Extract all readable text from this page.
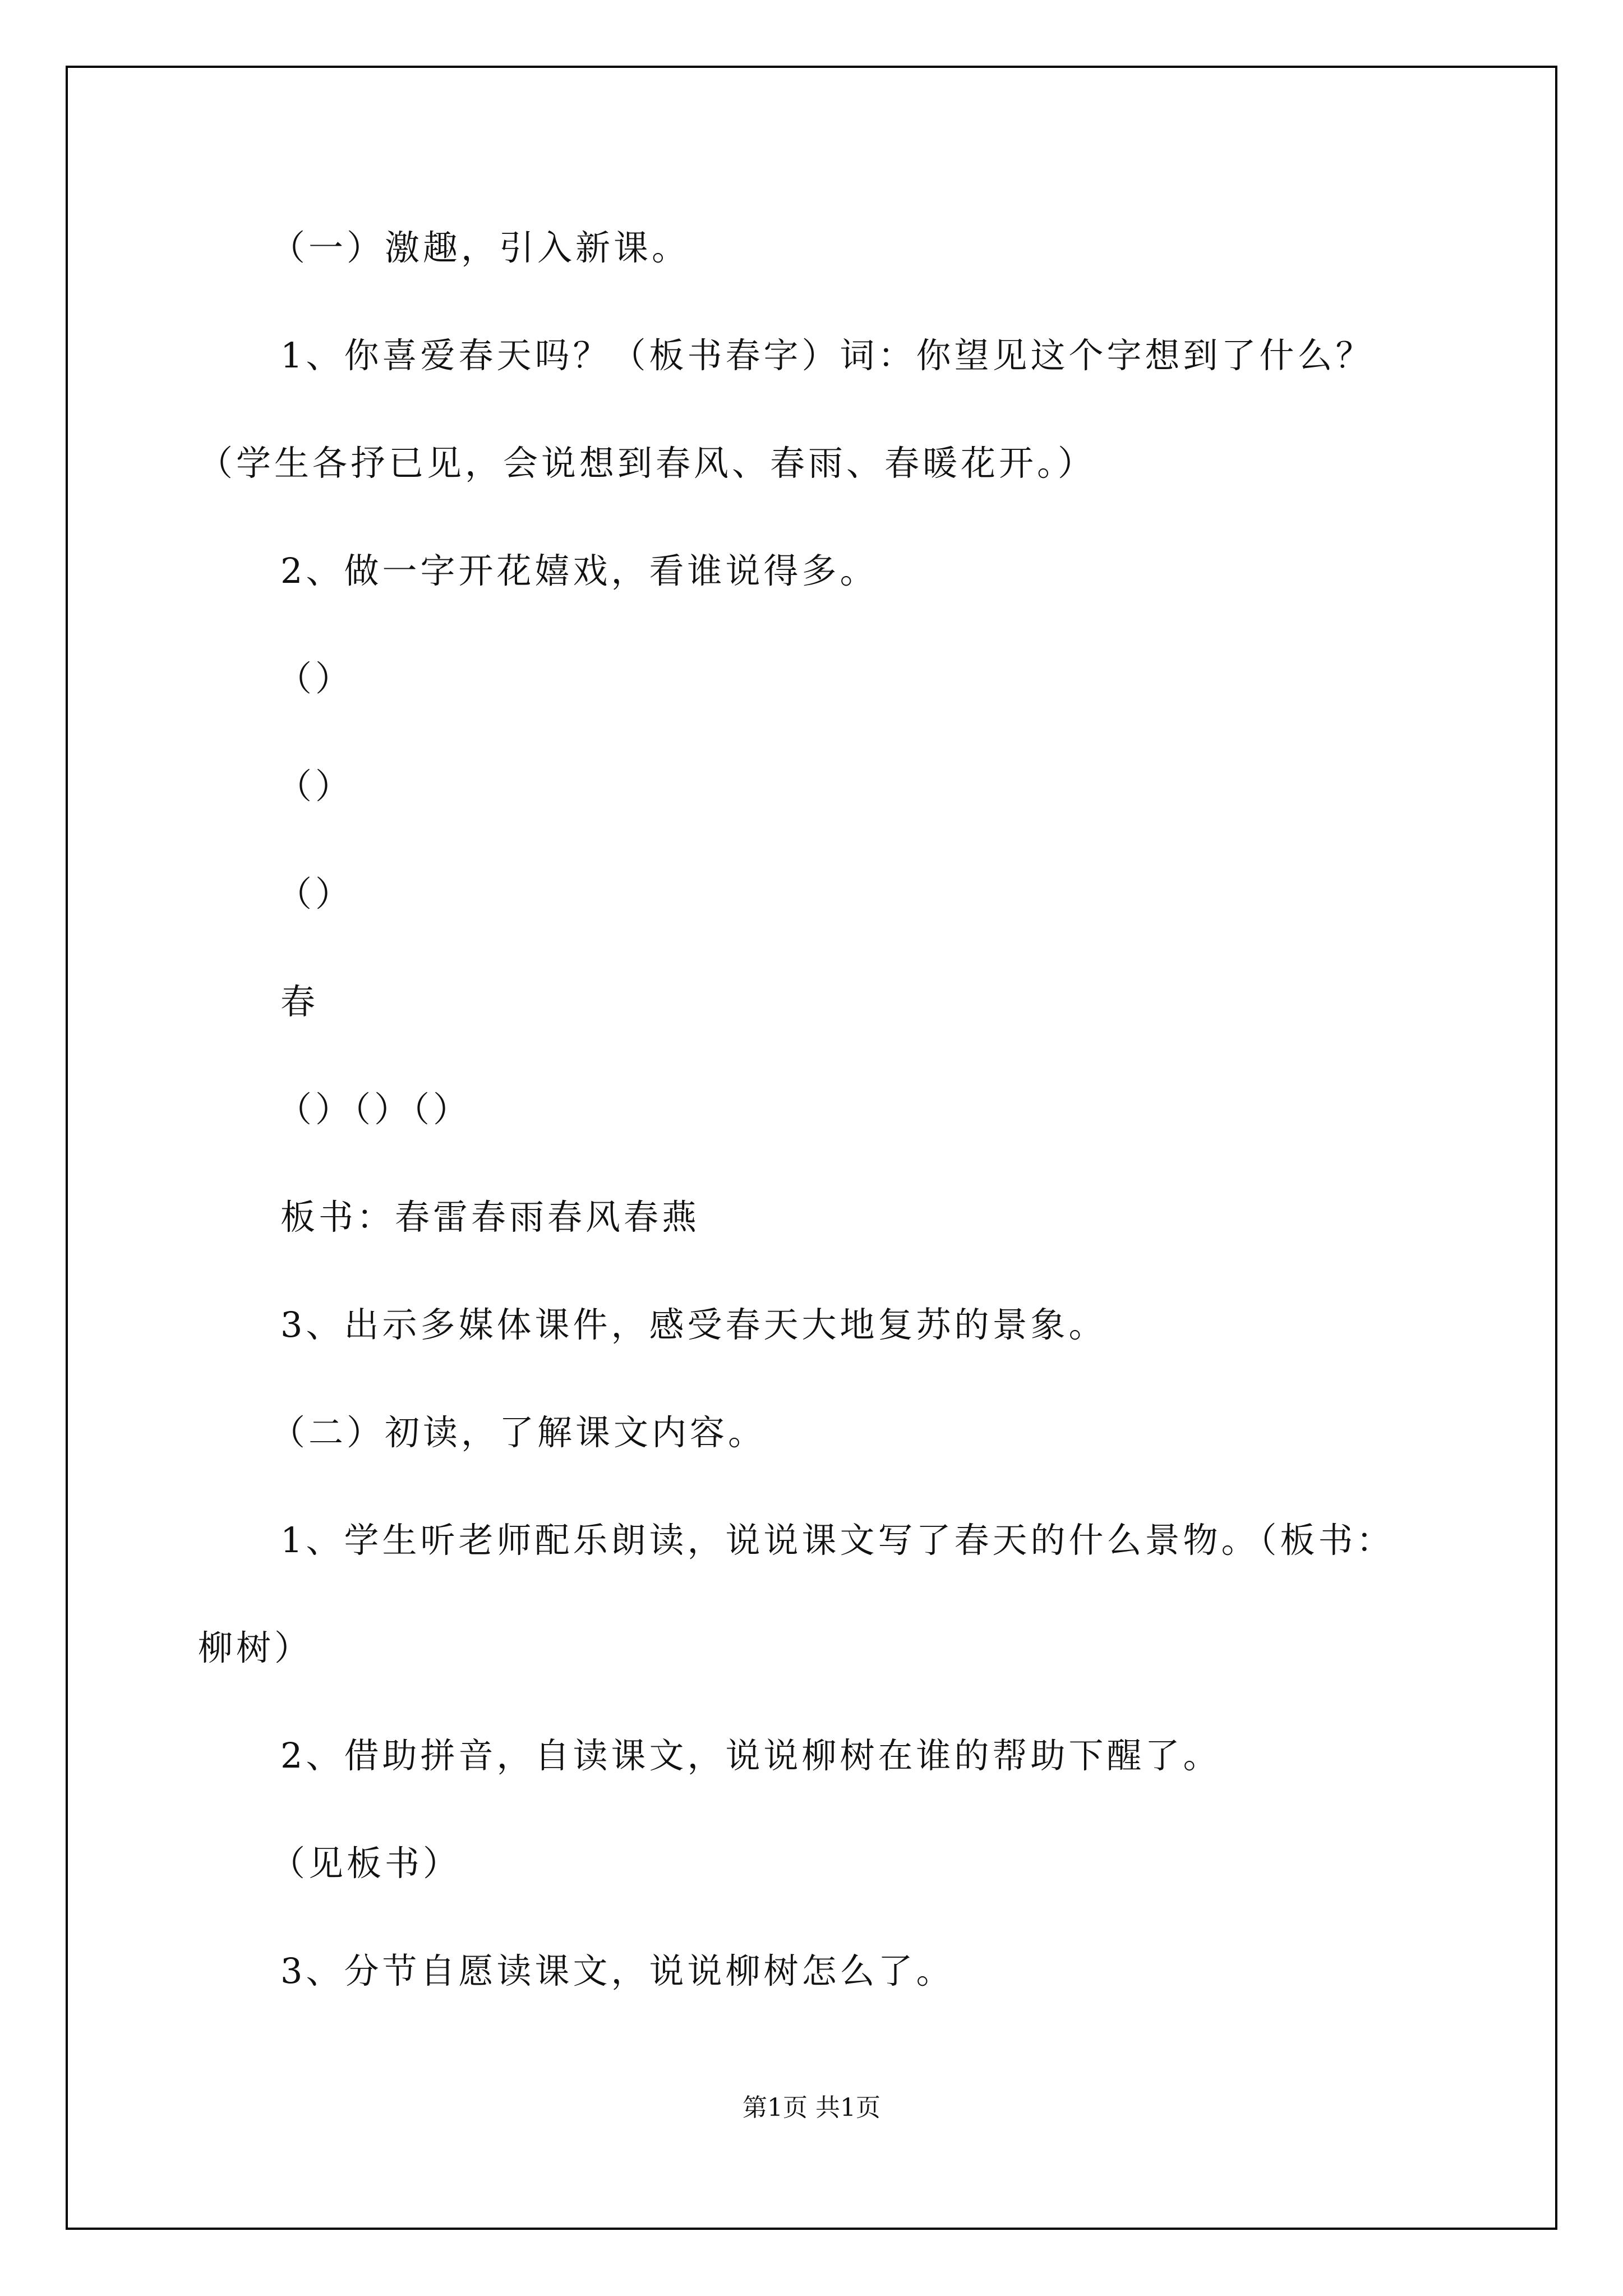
（一）激趣，引入新课。
1、你喜爱春天吗？（板书春字）词：你望见这个字想到了什么？
（学生各抒已见，会说想到春风、春雨、春暖花开。）
2、做一字开花嬉戏，看谁说得多。
（）
（）
（）
春
（）（）（）
板书：春雷春雨春风春燕
3、出示多媒体课件，感受春天大地复苏的景象。
（二）初读，了解课文内容。
1、学生听老师配乐朗读，说说课文写了春天的什么景物。（板书：
柳树）
2、借助拼音，自读课文，说说柳树在谁的帮助下醒了。
（见板书）
3、分节自愿读课文，说说柳树怎么了。
第1页 共1页
